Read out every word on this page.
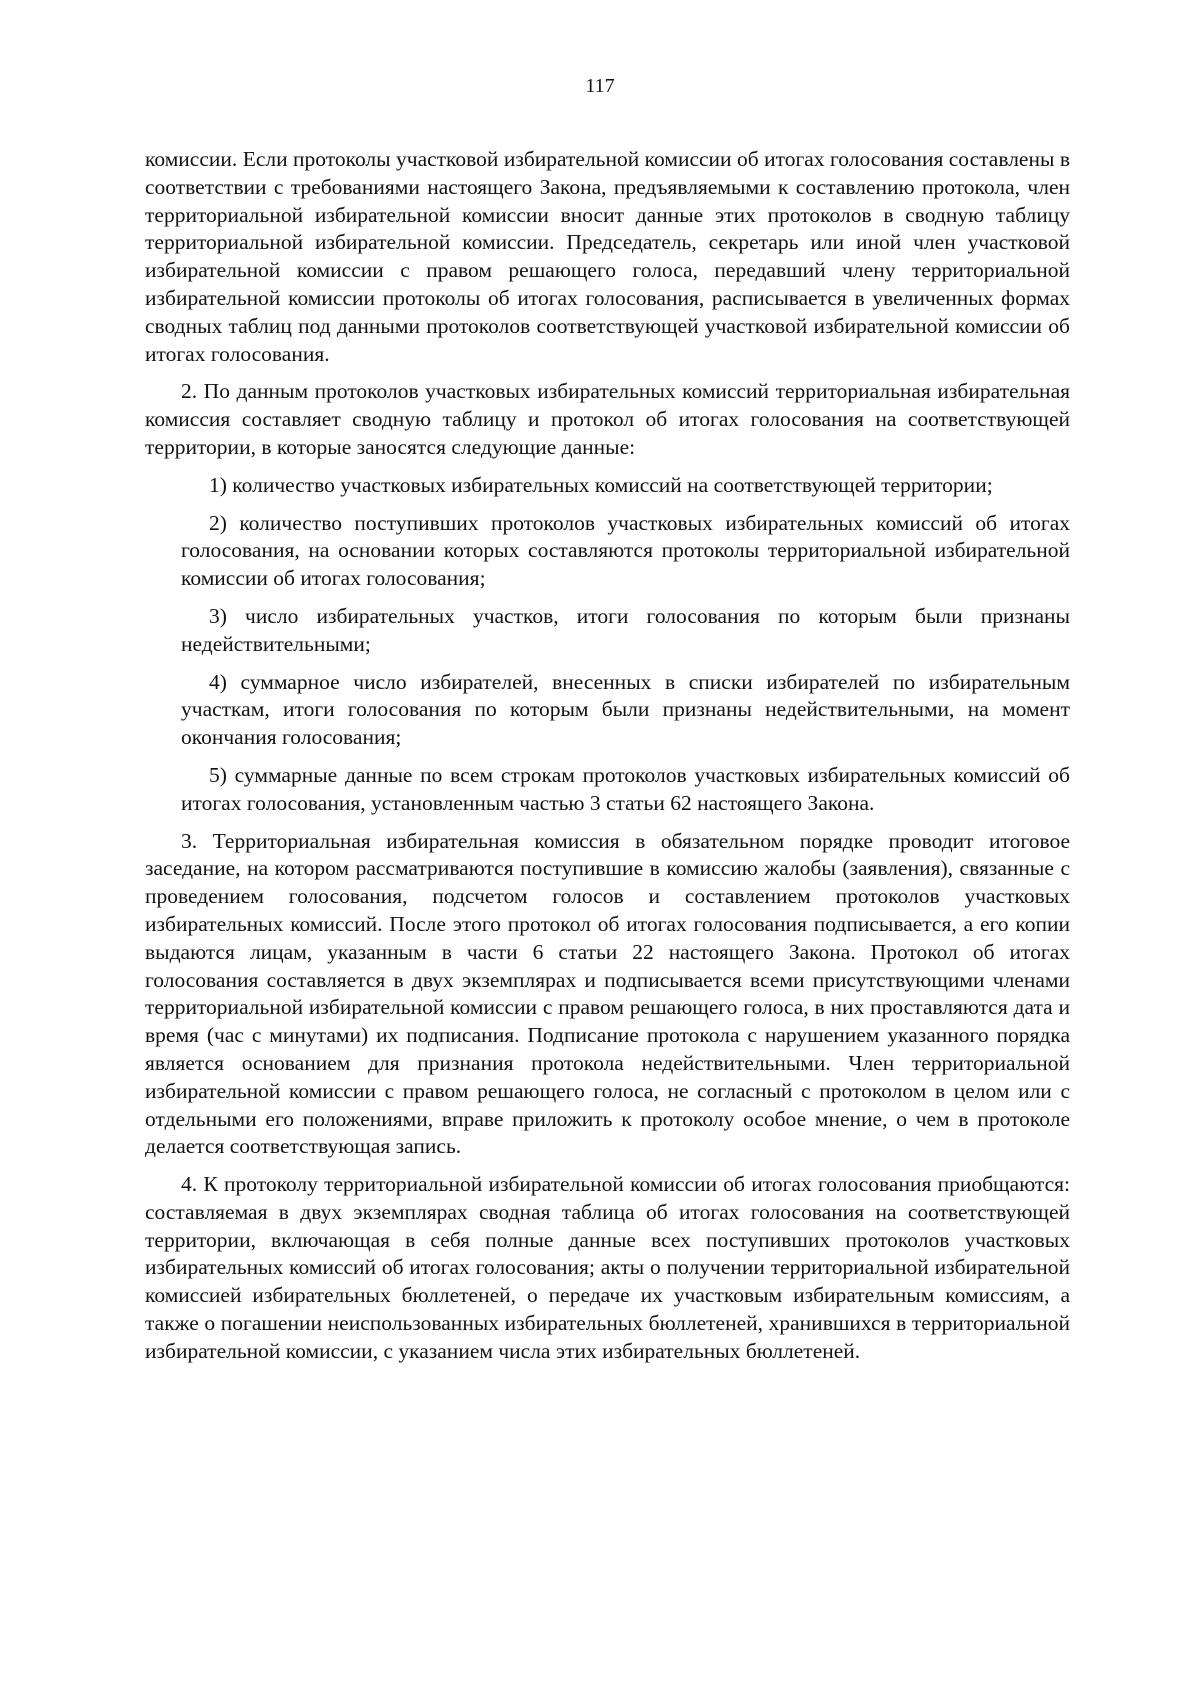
117

комиссии. Если протоколы участковой избирательной комиссии об итогах голосования составлены в соответствии с требованиями настоящего Закона, предъявляемыми к составлению протокола, член территориальной избирательной комиссии вносит данные этих протоколов в сводную таблицу территориальной избирательной комиссии. Председатель, секретарь или иной член участковой избирательной комиссии с правом решающего голоса, передавший члену территориальной избирательной комиссии протоколы об итогах голосования, расписывается в увеличенных формах сводных таблиц под данными протоколов соответствующей участковой избирательной комиссии об итогах голосования.

2. По данным протоколов участковых избирательных комиссий территориальная избирательная комиссия составляет сводную таблицу и протокол об итогах голосования на соответствующей территории, в которые заносятся следующие данные:

1) количество участковых избирательных комиссий на соответствующей территории;

2) количество поступивших протоколов участковых избирательных комиссий об итогах голосования, на основании которых составляются протоколы территориальной избирательной комиссии об итогах голосования;

3) число избирательных участков, итоги голосования по которым были признаны недействительными;

4) суммарное число избирателей, внесенных в списки избирателей по избирательным участкам, итоги голосования по которым были признаны недействительными, на момент окончания голосования;

5) суммарные данные по всем строкам протоколов участковых избирательных комиссий об итогах голосования, установленным частью 3 статьи 62 настоящего Закона.

3. Территориальная избирательная комиссия в обязательном порядке проводит итоговое заседание, на котором рассматриваются поступившие в комиссию жалобы (заявления), связанные с проведением голосования, подсчетом голосов и составлением протоколов участковых избирательных комиссий. После этого протокол об итогах голосования подписывается, а его копии выдаются лицам, указанным в части 6 статьи 22 настоящего Закона. Протокол об итогах голосования составляется в двух экземплярах и подписывается всеми присутствующими членами территориальной избирательной комиссии с правом решающего голоса, в них проставляются дата и время (час с минутами) их подписания. Подписание протокола с нарушением указанного порядка является основанием для признания протокола недействительными. Член территориальной избирательной комиссии с правом решающего голоса, не согласный с протоколом в целом или с отдельными его положениями, вправе приложить к протоколу особое мнение, о чем в протоколе делается соответствующая запись.

4. К протоколу территориальной избирательной комиссии об итогах голосования приобщаются: составляемая в двух экземплярах сводная таблица об итогах голосования на соответствующей территории, включающая в себя полные данные всех поступивших протоколов участковых избирательных комиссий об итогах голосования; акты о получении территориальной избирательной комиссией избирательных бюллетеней, о передаче их участковым избирательным комиссиям, а также о погашении неиспользованных избирательных бюллетеней, хранившихся в территориальной избирательной комиссии, с указанием числа этих избирательных бюллетеней.
